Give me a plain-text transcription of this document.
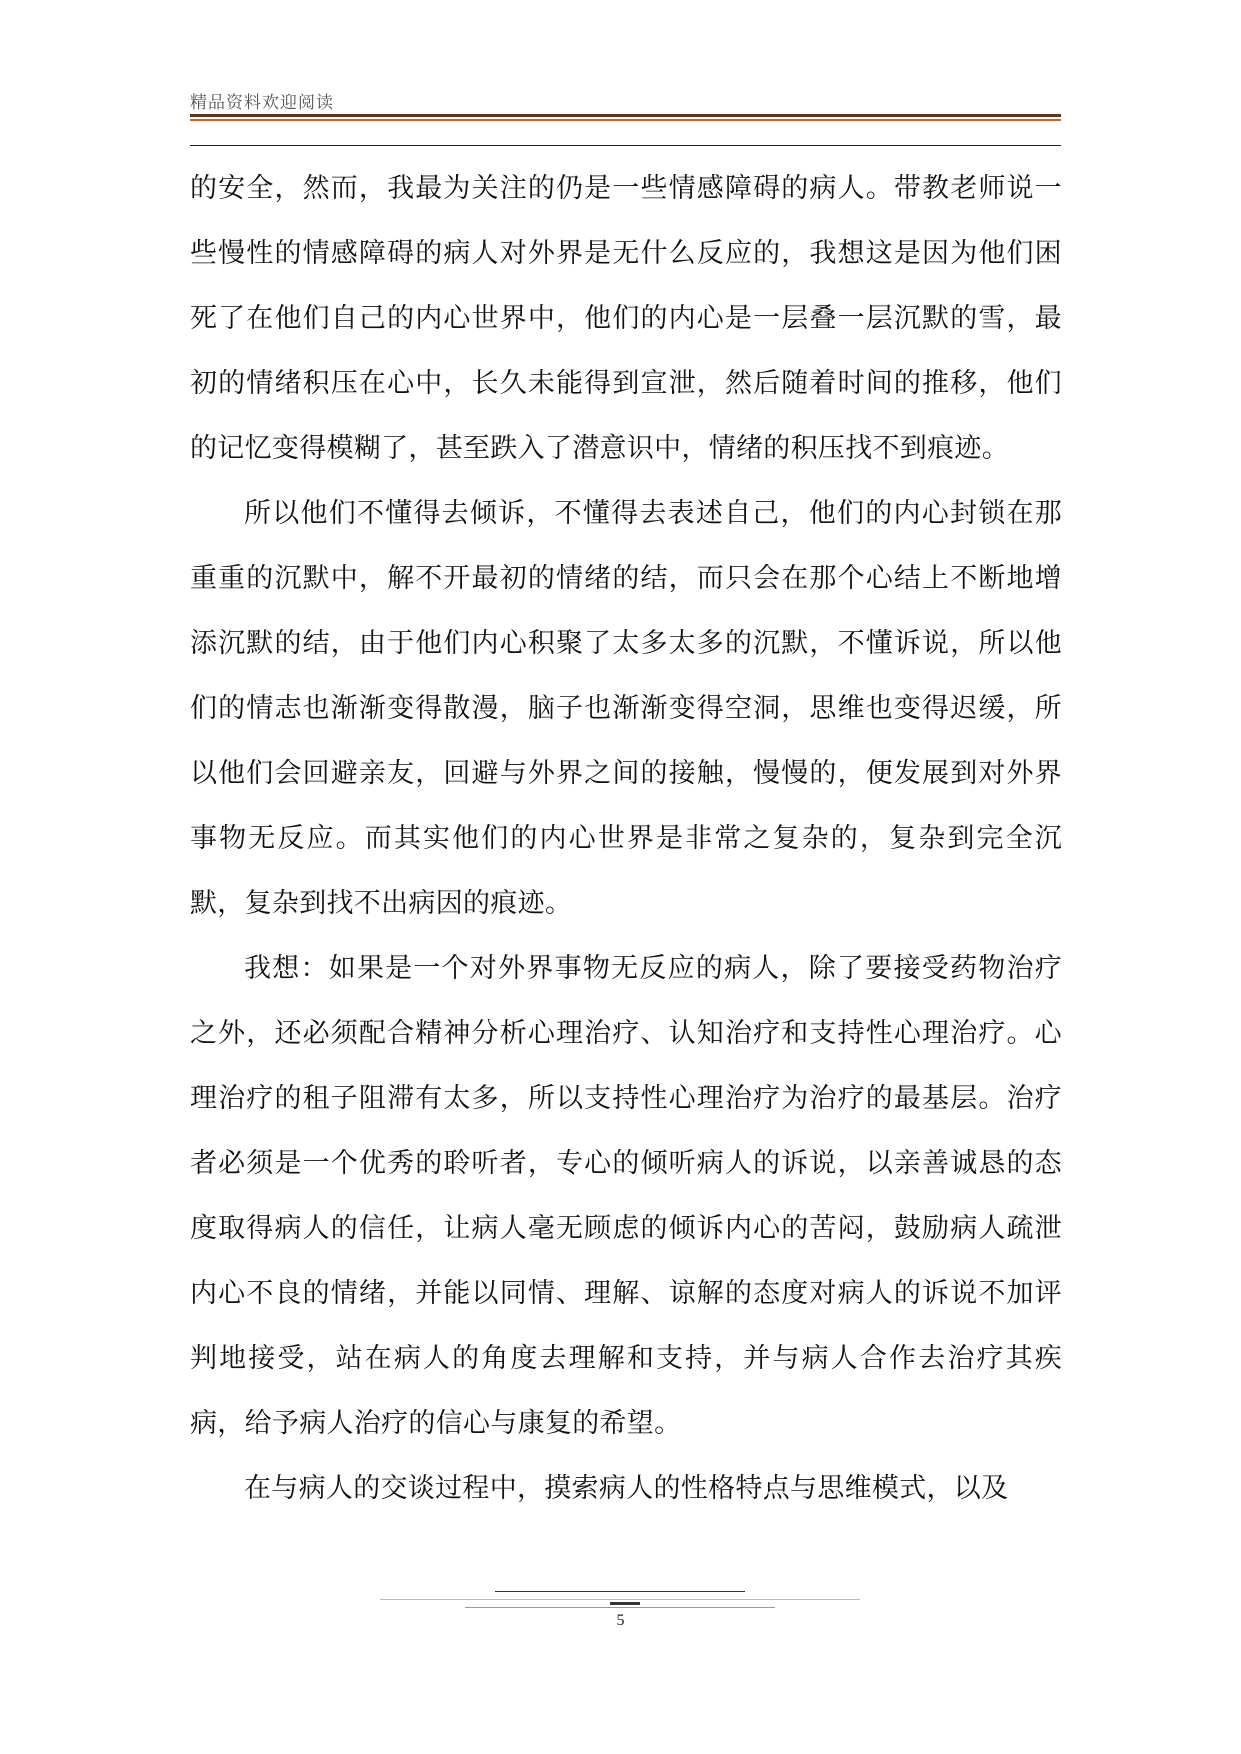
精品资料欢迎阅读

的安全，然而，我最为关注的仍是一些情感障碍的病人。带教老师说一些慢性的情感障碍的病人对外界是无什么反应的，我想这是因为他们困死了在他们自己的内心世界中，他们的内心是一层叠一层沉默的雪，最初的情绪积压在心中，长久未能得到宣泄，然后随着时间的推移，他们的记忆变得模糊了，甚至跌入了潜意识中，情绪的积压找不到痕迹。

所以他们不懂得去倾诉，不懂得去表述自己，他们的内心封锁在那重重的沉默中，解不开最初的情绪的结，而只会在那个心结上不断地增添沉默的结，由于他们内心积聚了太多太多的沉默，不懂诉说，所以他们的情志也渐渐变得散漫，脑子也渐渐变得空洞，思维也变得迟缓，所以他们会回避亲友，回避与外界之间的接触，慢慢的，便发展到对外界事物无反应。而其实他们的内心世界是非常之复杂的，复杂到完全沉默，复杂到找不出病因的痕迹。

我想：如果是一个对外界事物无反应的病人，除了要接受药物治疗之外，还必须配合精神分析心理治疗、认知治疗和支持性心理治疗。心理治疗的租子阻滞有太多，所以支持性心理治疗为治疗的最基层。治疗者必须是一个优秀的聆听者，专心的倾听病人的诉说，以亲善诚恳的态度取得病人的信任，让病人毫无顾虑的倾诉内心的苦闷，鼓励病人疏泄内心不良的情绪，并能以同情、理解、谅解的态度对病人的诉说不加评判地接受，站在病人的角度去理解和支持，并与病人合作去治疗其疾病，给予病人治疗的信心与康复的希望。

在与病人的交谈过程中，摸索病人的性格特点与思维模式，以及

5
